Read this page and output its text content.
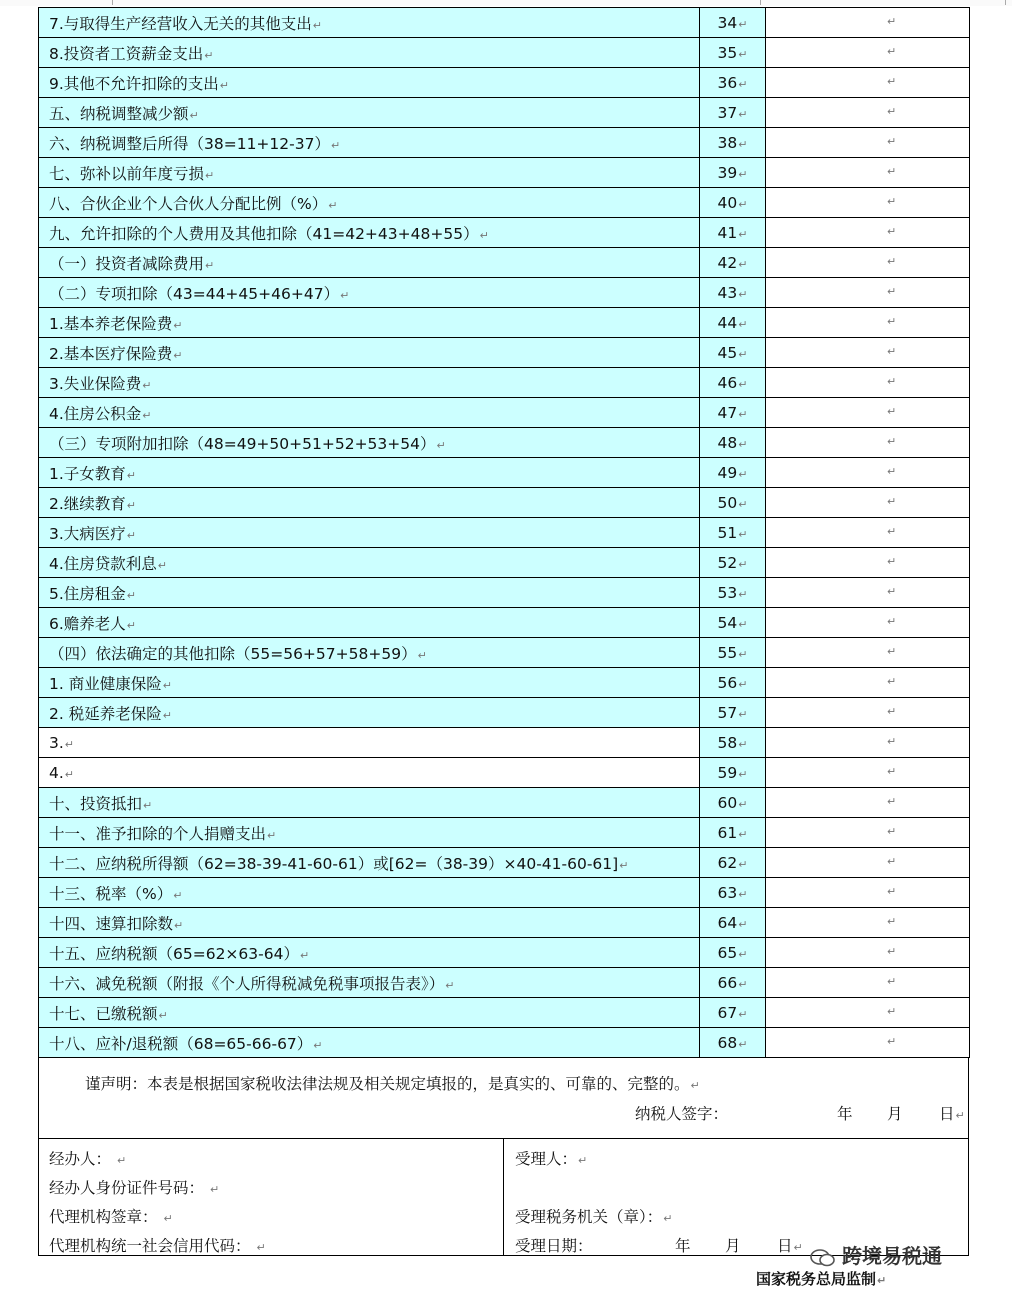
7.与取得生产经营收入无关的其他支出↵	34↵	↵

8.投资者工资薪金支出↵	35↵	↵

9.其他不允许扣除的支出↵	36↵	↵

五、纳税调整减少额↵	37↵	↵

六、纳税调整后所得（38=11+12-37）↵	38↵	↵

七、弥补以前年度亏损↵	39↵	↵

八、合伙企业个人合伙人分配比例（%）↵	40↵	↵

九、允许扣除的个人费用及其他扣除（41=42+43+48+55）↵	41↵	↵

（一）投资者减除费用↵	42↵	↵

（二）专项扣除（43=44+45+46+47）↵	43↵	↵

1.基本养老保险费↵	44↵	↵

2.基本医疗保险费↵	45↵	↵

3.失业保险费↵	46↵	↵

4.住房公积金↵	47↵	↵

（三）专项附加扣除（48=49+50+51+52+53+54）↵	48↵	↵

1.子女教育↵	49↵	↵

2.继续教育↵	50↵	↵

3.大病医疗↵	51↵	↵

4.住房贷款利息↵	52↵	↵

5.住房租金↵	53↵	↵

6.赡养老人↵	54↵	↵

（四）依法确定的其他扣除（55=56+57+58+59）↵	55↵	↵

1. 商业健康保险↵	56↵	↵

2. 税延养老保险↵	57↵	↵

3.↵	58↵	↵

4.↵	59↵	↵

十、投资抵扣↵	60↵	↵

十一、准予扣除的个人捐赠支出↵	61↵	↵

十二、应纳税所得额（62=38-39-41-60-61）或[62=（38-39）×40-41-60-61]↵	62↵	↵

十三、税率（%）↵	63↵	↵

十四、速算扣除数↵	64↵	↵

十五、应纳税额（65=62×63-64）↵	65↵	↵

十六、减免税额（附报《个人所得税减免税事项报告表》）↵	66↵	↵

十七、已缴税额↵	67↵	↵

十八、应补/退税额（68=65-66-67）↵	68↵	↵
谨声明：本表是根据国家税收法律法规及相关规定填报的，是真实的、可靠的、完整的。↵
纳税人签字：	年 月 日↵
经办人： ↵
经办人身份证件号码： ↵
代理机构签章： ↵
代理机构统一社会信用代码： ↵
受理人：↵
受理税务机关（章）：↵
受理日期：	年 月 日↵	跨境易税通
国家税务总局监制↵
